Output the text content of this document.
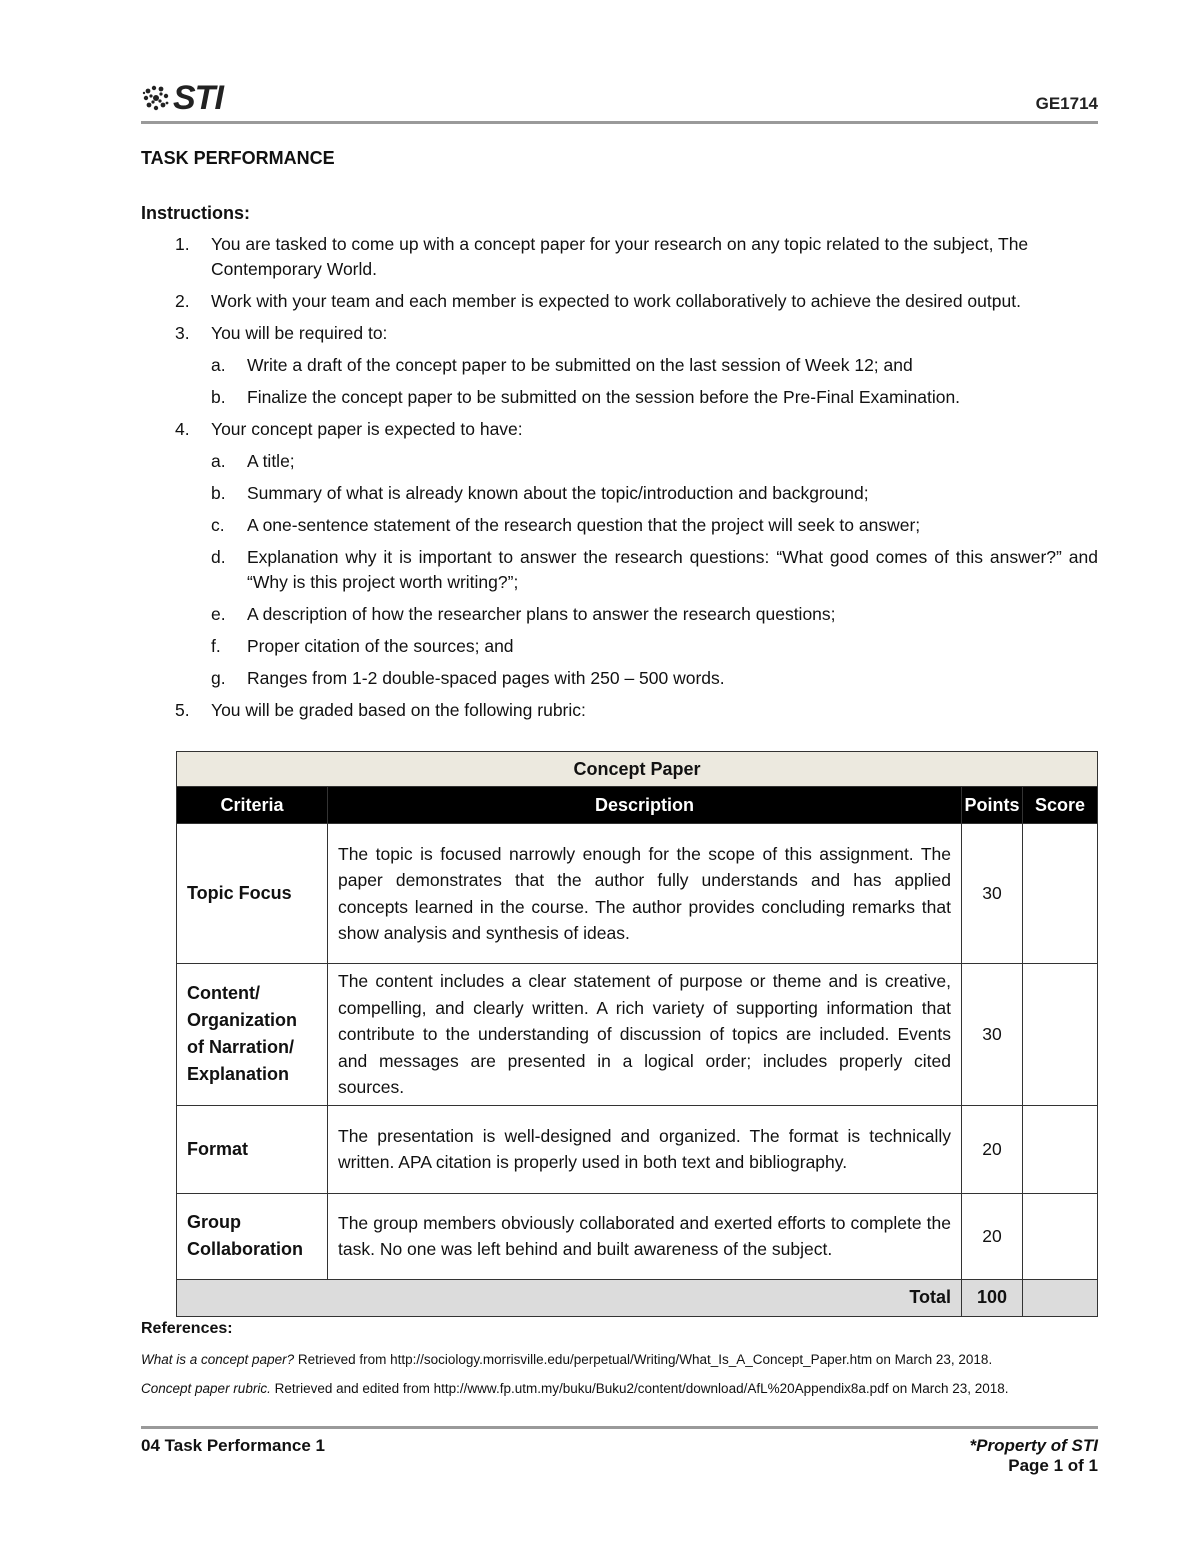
STI	GE1714
TASK PERFORMANCE
Instructions:
1. You are tasked to come up with a concept paper for your research on any topic related to the subject, The Contemporary World.
2. Work with your team and each member is expected to work collaboratively to achieve the desired output.
3. You will be required to:
a. Write a draft of the concept paper to be submitted on the last session of Week 12; and
b. Finalize the concept paper to be submitted on the session before the Pre-Final Examination.
4. Your concept paper is expected to have:
a. A title;
b. Summary of what is already known about the topic/introduction and background;
c. A one-sentence statement of the research question that the project will seek to answer;
d. Explanation why it is important to answer the research questions: “What good comes of this answer?” and “Why is this project worth writing?”;
e. A description of how the researcher plans to answer the research questions;
f. Proper citation of the sources; and
g. Ranges from 1-2 double-spaced pages with 250 – 500 words.
5. You will be graded based on the following rubric:
Concept Paper			
Criteria	Description	Points	Score
Topic Focus	The topic is focused narrowly enough for the scope of this assignment. The paper demonstrates that the author fully understands and has applied concepts learned in the course. The author provides concluding remarks that show analysis and synthesis of ideas.	30	
Content/ Organization of Narration/ Explanation	The content includes a clear statement of purpose or theme and is creative, compelling, and clearly written. A rich variety of supporting information that contribute to the understanding of discussion of topics are included. Events and messages are presented in a logical order; includes properly cited sources.	30	
Format	The presentation is well-designed and organized. The format is technically written. APA citation is properly used in both text and bibliography.	20	
Group Collaboration	The group members obviously collaborated and exerted efforts to complete the task. No one was left behind and built awareness of the subject.	20	
Total		100	
References:
What is a concept paper? Retrieved from http://sociology.morrisville.edu/perpetual/Writing/What_Is_A_Concept_Paper.htm on March 23, 2018.
Concept paper rubric. Retrieved and edited from http://www.fp.utm.my/buku/Buku2/content/download/AfL%20Appendix8a.pdf on March 23, 2018.
04 Task Performance 1	*Property of STI
Page 1 of 1
